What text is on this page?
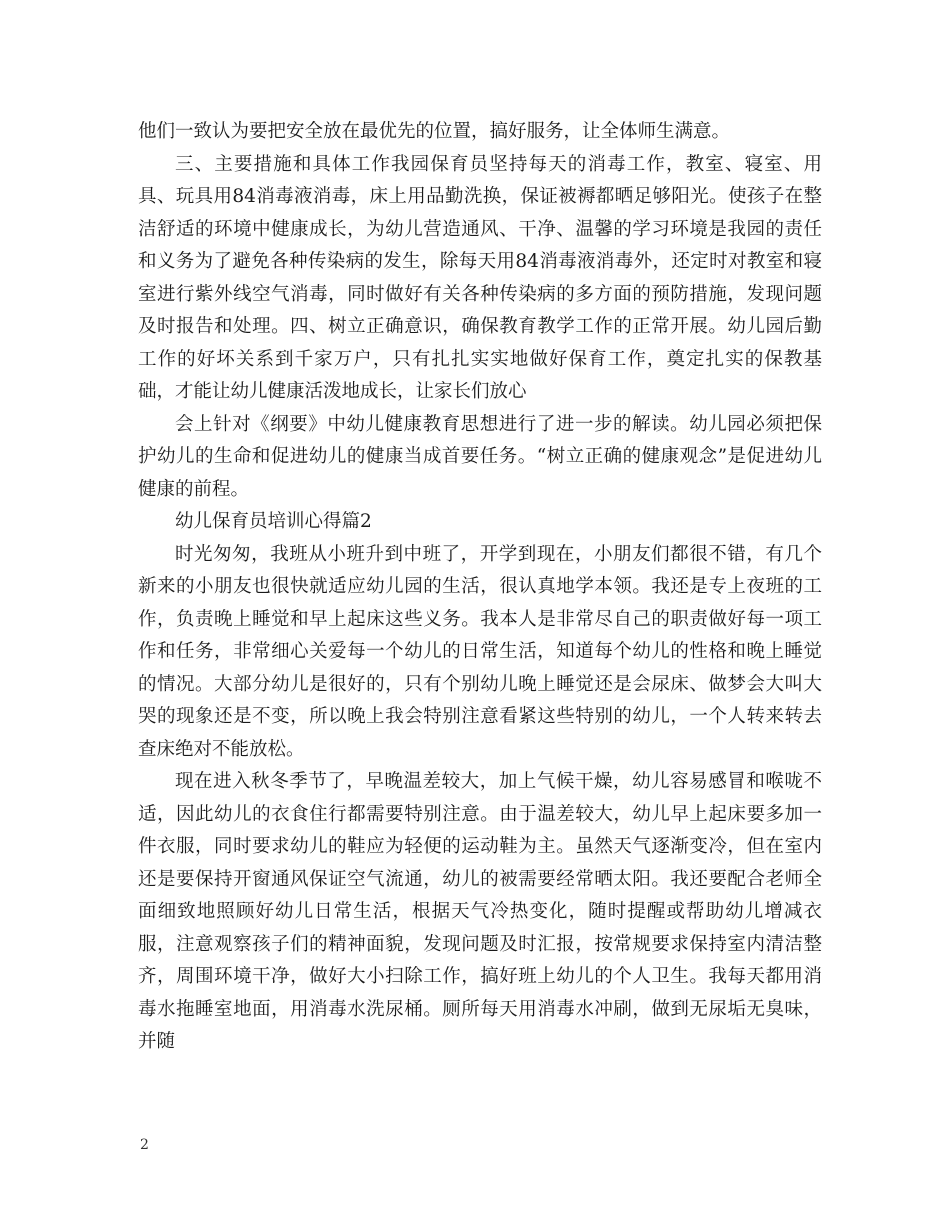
他们一致认为要把安全放在最优先的位置，搞好服务，让全体师生满意。

三、主要措施和具体工作我园保育员坚持每天的消毒工作，教室、寝室、用具、玩具用84消毒液消毒，床上用品勤洗换，保证被褥都晒足够阳光。使孩子在整洁舒适的环境中健康成长，为幼儿营造通风、干净、温馨的学习环境是我园的责任和义务为了避免各种传染病的发生，除每天用84消毒液消毒外，还定时对教室和寝室进行紫外线空气消毒，同时做好有关各种传染病的多方面的预防措施，发现问题及时报告和处理。四、树立正确意识，确保教育教学工作的正常开展。幼儿园后勤工作的好坏关系到千家万户，只有扎扎实实地做好保育工作，奠定扎实的保教基础，才能让幼儿健康活泼地成长，让家长们放心

会上针对《纲要》中幼儿健康教育思想进行了进一步的解读。幼儿园必须把保护幼儿的生命和促进幼儿的健康当成首要任务。“树立正确的健康观念”是促进幼儿健康的前程。

幼儿保育员培训心得篇2

时光匆匆，我班从小班升到中班了，开学到现在，小朋友们都很不错，有几个新来的小朋友也很快就适应幼儿园的生活，很认真地学本领。我还是专上夜班的工作，负责晚上睡觉和早上起床这些义务。我本人是非常尽自己的职责做好每一项工作和任务，非常细心关爱每一个幼儿的日常生活，知道每个幼儿的性格和晚上睡觉的情况。大部分幼儿是很好的，只有个别幼儿晚上睡觉还是会尿床、做梦会大叫大哭的现象还是不变，所以晚上我会特别注意看紧这些特别的幼儿，一个人转来转去查床绝对不能放松。

现在进入秋冬季节了，早晚温差较大，加上气候干燥，幼儿容易感冒和喉咙不适，因此幼儿的衣食住行都需要特别注意。由于温差较大，幼儿早上起床要多加一件衣服，同时要求幼儿的鞋应为轻便的运动鞋为主。虽然天气逐渐变冷，但在室内还是要保持开窗通风保证空气流通，幼儿的被需要经常晒太阳。我还要配合老师全面细致地照顾好幼儿日常生活，根据天气冷热变化，随时提醒或帮助幼儿增减衣服，注意观察孩子们的精神面貌，发现问题及时汇报，按常规要求保持室内清洁整齐，周围环境干净，做好大小扫除工作，搞好班上幼儿的个人卫生。我每天都用消毒水拖睡室地面，用消毒水洗尿桶。厕所每天用消毒水冲刷，做到无尿垢无臭味，并随

2
